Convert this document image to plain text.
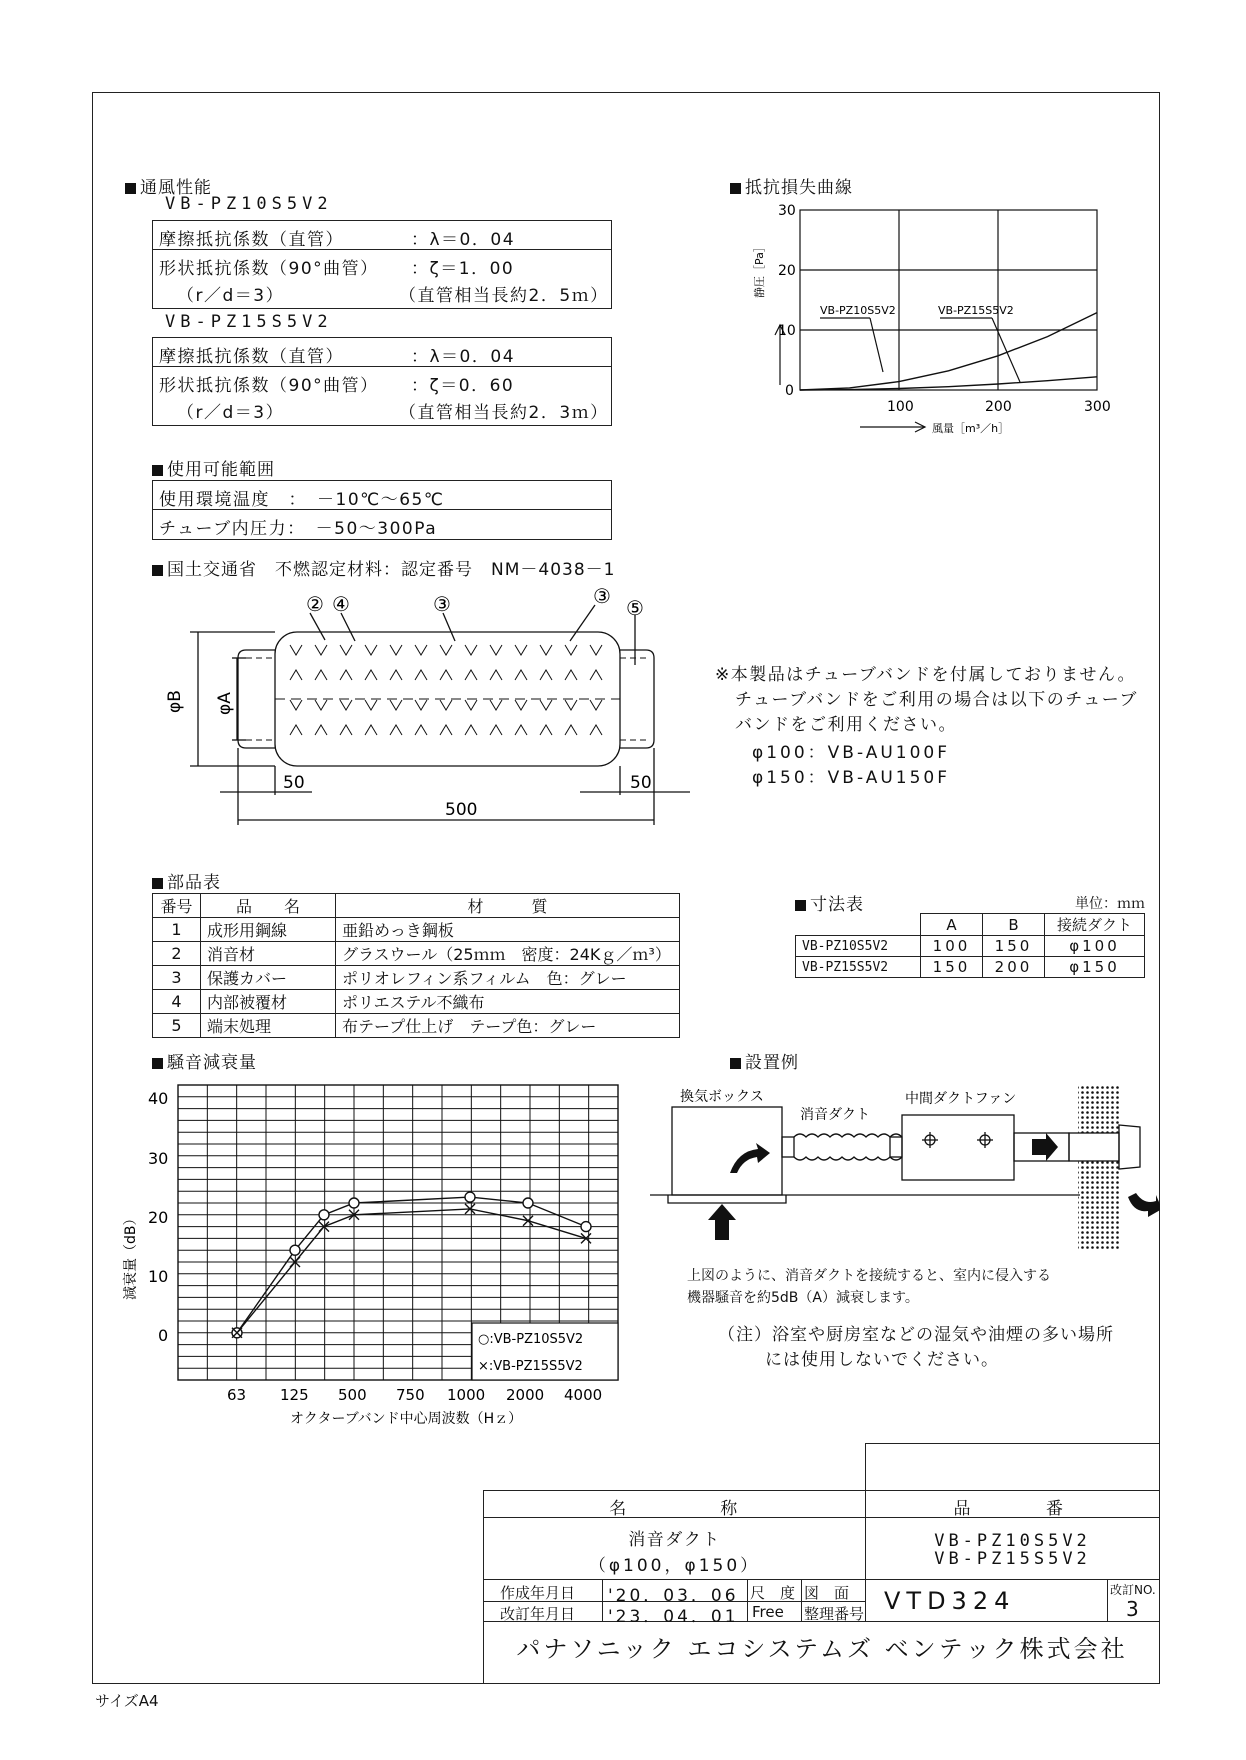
通風性能
VB-PZ10S5V2
摩擦抵抗係数（直管）	：λ＝0．04
形状抵抗係数（90°曲管） ：ζ＝1．00
（r／d＝3）	（直管相当長約2．5ｍ）
VB-PZ15S5V2
摩擦抵抗係数（直管）	：λ＝0．04
形状抵抗係数（90°曲管） ：ζ＝0．60
（r／d＝3）	（直管相当長約2．3ｍ）
使用可能範囲
使用環境温度　：　－10℃～65℃
チューブ内圧力：　－50～300Pa
国土交通省　不燃認定材料：認定番号　NM－4038－1
② ④	③	③ ⑤
φB φA
50	50
500
※本製品はチューブバンドを付属しておりません。
チューブバンドをご利用の場合は以下のチューブ
バンドをご利用ください。
φ100：VB-AU100F
φ150：VB-AU150F
抵抗損失曲線
0
10
20
30
100	200	300
静圧［Pa］
風量［m³／h］
VB-PZ10S5V2	VB-PZ15S5V2
部品表
番号	品　　名	材　　　質
1	成形用鋼線	亜鉛めっき鋼板
2	消音材	グラスウール（25ｍｍ　密度：24Kｇ／ｍ³）
3	保護カバー	ポリオレフィン系フィルム　色：グレー
4	内部被覆材	ポリエステル不織布
5	端末処理	布テープ仕上げ　テープ色：グレー
寸法表	単位：ｍｍ
	A	B	接続ダクト
VB-PZ10S5V2	100	150	φ100
VB-PZ15S5V2	150	200	φ150
騒音減衰量
40
30
20
10
0
63 125 500 750 1000 2000 4000
減衰量（dB）
オクターブバンド中心周波数（Hｚ）
○:VB-PZ10S5V2
×:VB-PZ15S5V2
設置例
換気ボックス
消音ダクト
中間ダクトファン
上図のように、消音ダクトを接続すると、室内に侵入する
機器騒音を約5dB（A）減衰します。
（注）浴室や厨房室などの湿気や油煙の多い場所
には使用しないでください。
名　　　　　称	品　　　　番
消音ダクト
（φ100，φ150）
VB-PZ10S5V2
VB-PZ15S5V2
作成年月日 '20．03．06
改訂年月日 '23．04．01
尺　度
Free
図　面
整理番号 VTD324	改訂NO.
3
パナソニック エコシステムズ ベンテック株式会社
サイズA4
